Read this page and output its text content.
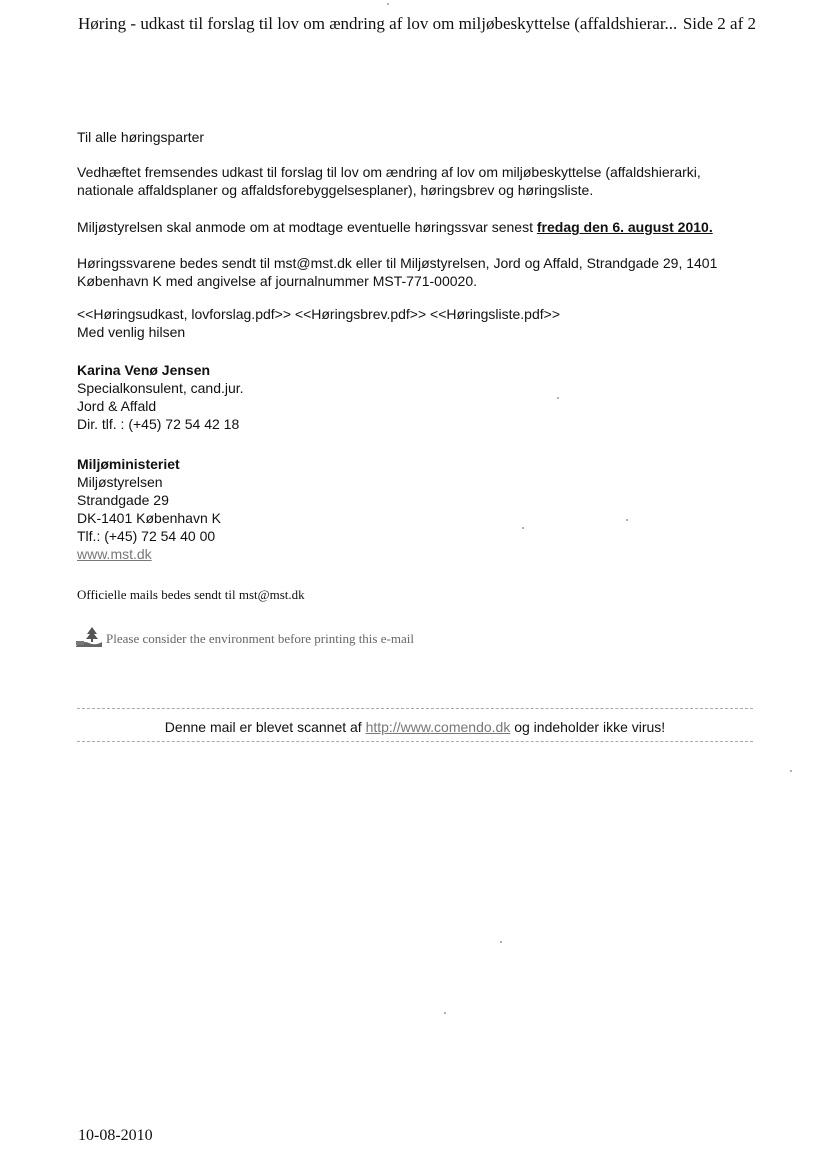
Høring - udkast til forslag til lov om ændring af lov om miljøbeskyttelse (affaldshierar... Side 2 af 2
Til alle høringsparter
Vedhæftet fremsendes udkast til forslag til lov om ændring af lov om miljøbeskyttelse (affaldshierarki,
nationale affaldsplaner og affaldsforebyggelsesplaner), høringsbrev og høringsliste.
Miljøstyrelsen skal anmode om at modtage eventuelle høringssvar senest fredag den 6. august 2010.
Høringssvarene bedes sendt til mst@mst.dk eller til Miljøstyrelsen, Jord og Affald, Strandgade 29, 1401
København K med angivelse af journalnummer MST-771-00020.
<<Høringsudkast, lovforslag.pdf>> <<Høringsbrev.pdf>> <<Høringsliste.pdf>>
Med venlig hilsen
Karina Venø Jensen
Specialkonsulent, cand.jur.
Jord & Affald
Dir. tlf. : (+45) 72 54 42 18
Miljøministeriet
Miljøstyrelsen
Strandgade 29
DK-1401 København K
Tlf.: (+45) 72 54 40 00
www.mst.dk
Officielle mails bedes sendt til mst@mst.dk
Please consider the environment before printing this e-mail
Denne mail er blevet scannet af http://www.comendo.dk og indeholder ikke virus!
10-08-2010
